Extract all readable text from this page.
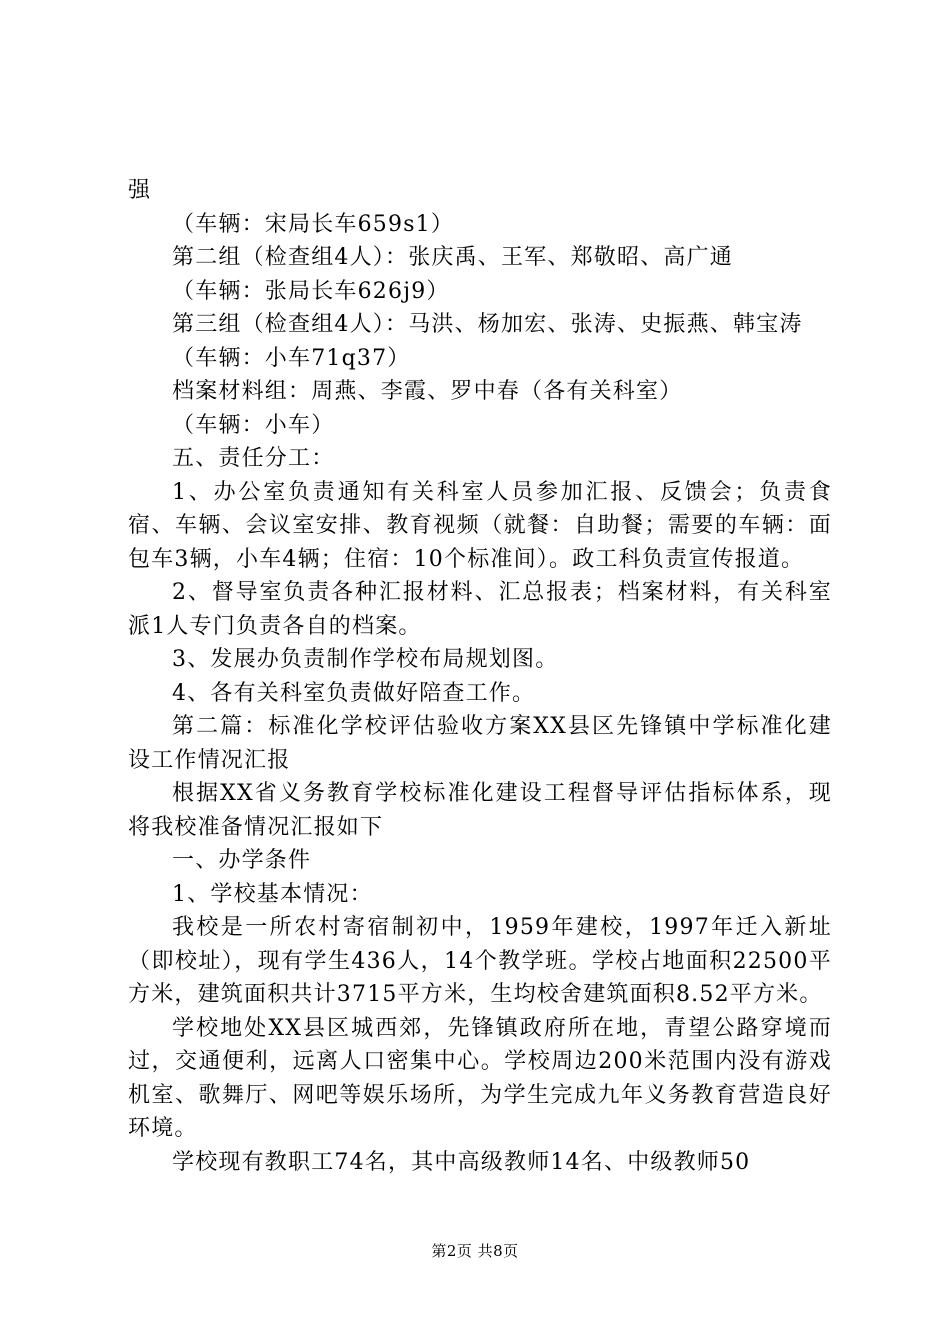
强

（车辆：宋局长车659s1）

第二组（检查组4人）：张庆禹、王军、郑敬昭、高广通

（车辆：张局长车626j9）

第三组（检查组4人）：马洪、杨加宏、张涛、史振燕、韩宝涛

（车辆：小车71q37）

档案材料组：周燕、李霞、罗中春（各有关科室）

（车辆：小车）

五、责任分工：

1、办公室负责通知有关科室人员参加汇报、反馈会；负责食宿、车辆、会议室安排、教育视频（就餐：自助餐；需要的车辆：面包车3辆，小车4辆；住宿：10个标准间）。政工科负责宣传报道。

2、督导室负责各种汇报材料、汇总报表；档案材料，有关科室派1人专门负责各自的档案。

3、发展办负责制作学校布局规划图。

4、各有关科室负责做好陪查工作。

第二篇：标准化学校评估验收方案XX县区先锋镇中学标准化建设工作情况汇报

根据XX省义务教育学校标准化建设工程督导评估指标体系，现将我校准备情况汇报如下

一、办学条件

1、学校基本情况：

我校是一所农村寄宿制初中，1959年建校，1997年迁入新址（即校址），现有学生436人，14个教学班。学校占地面积22500平方米，建筑面积共计3715平方米，生均校舍建筑面积8.52平方米。

学校地处XX县区城西郊，先锋镇政府所在地，青望公路穿境而过，交通便利，远离人口密集中心。学校周边200米范围内没有游戏机室、歌舞厅、网吧等娱乐场所，为学生完成九年义务教育营造良好环境。

学校现有教职工74名，其中高级教师14名、中级教师50

第2页 共8页
